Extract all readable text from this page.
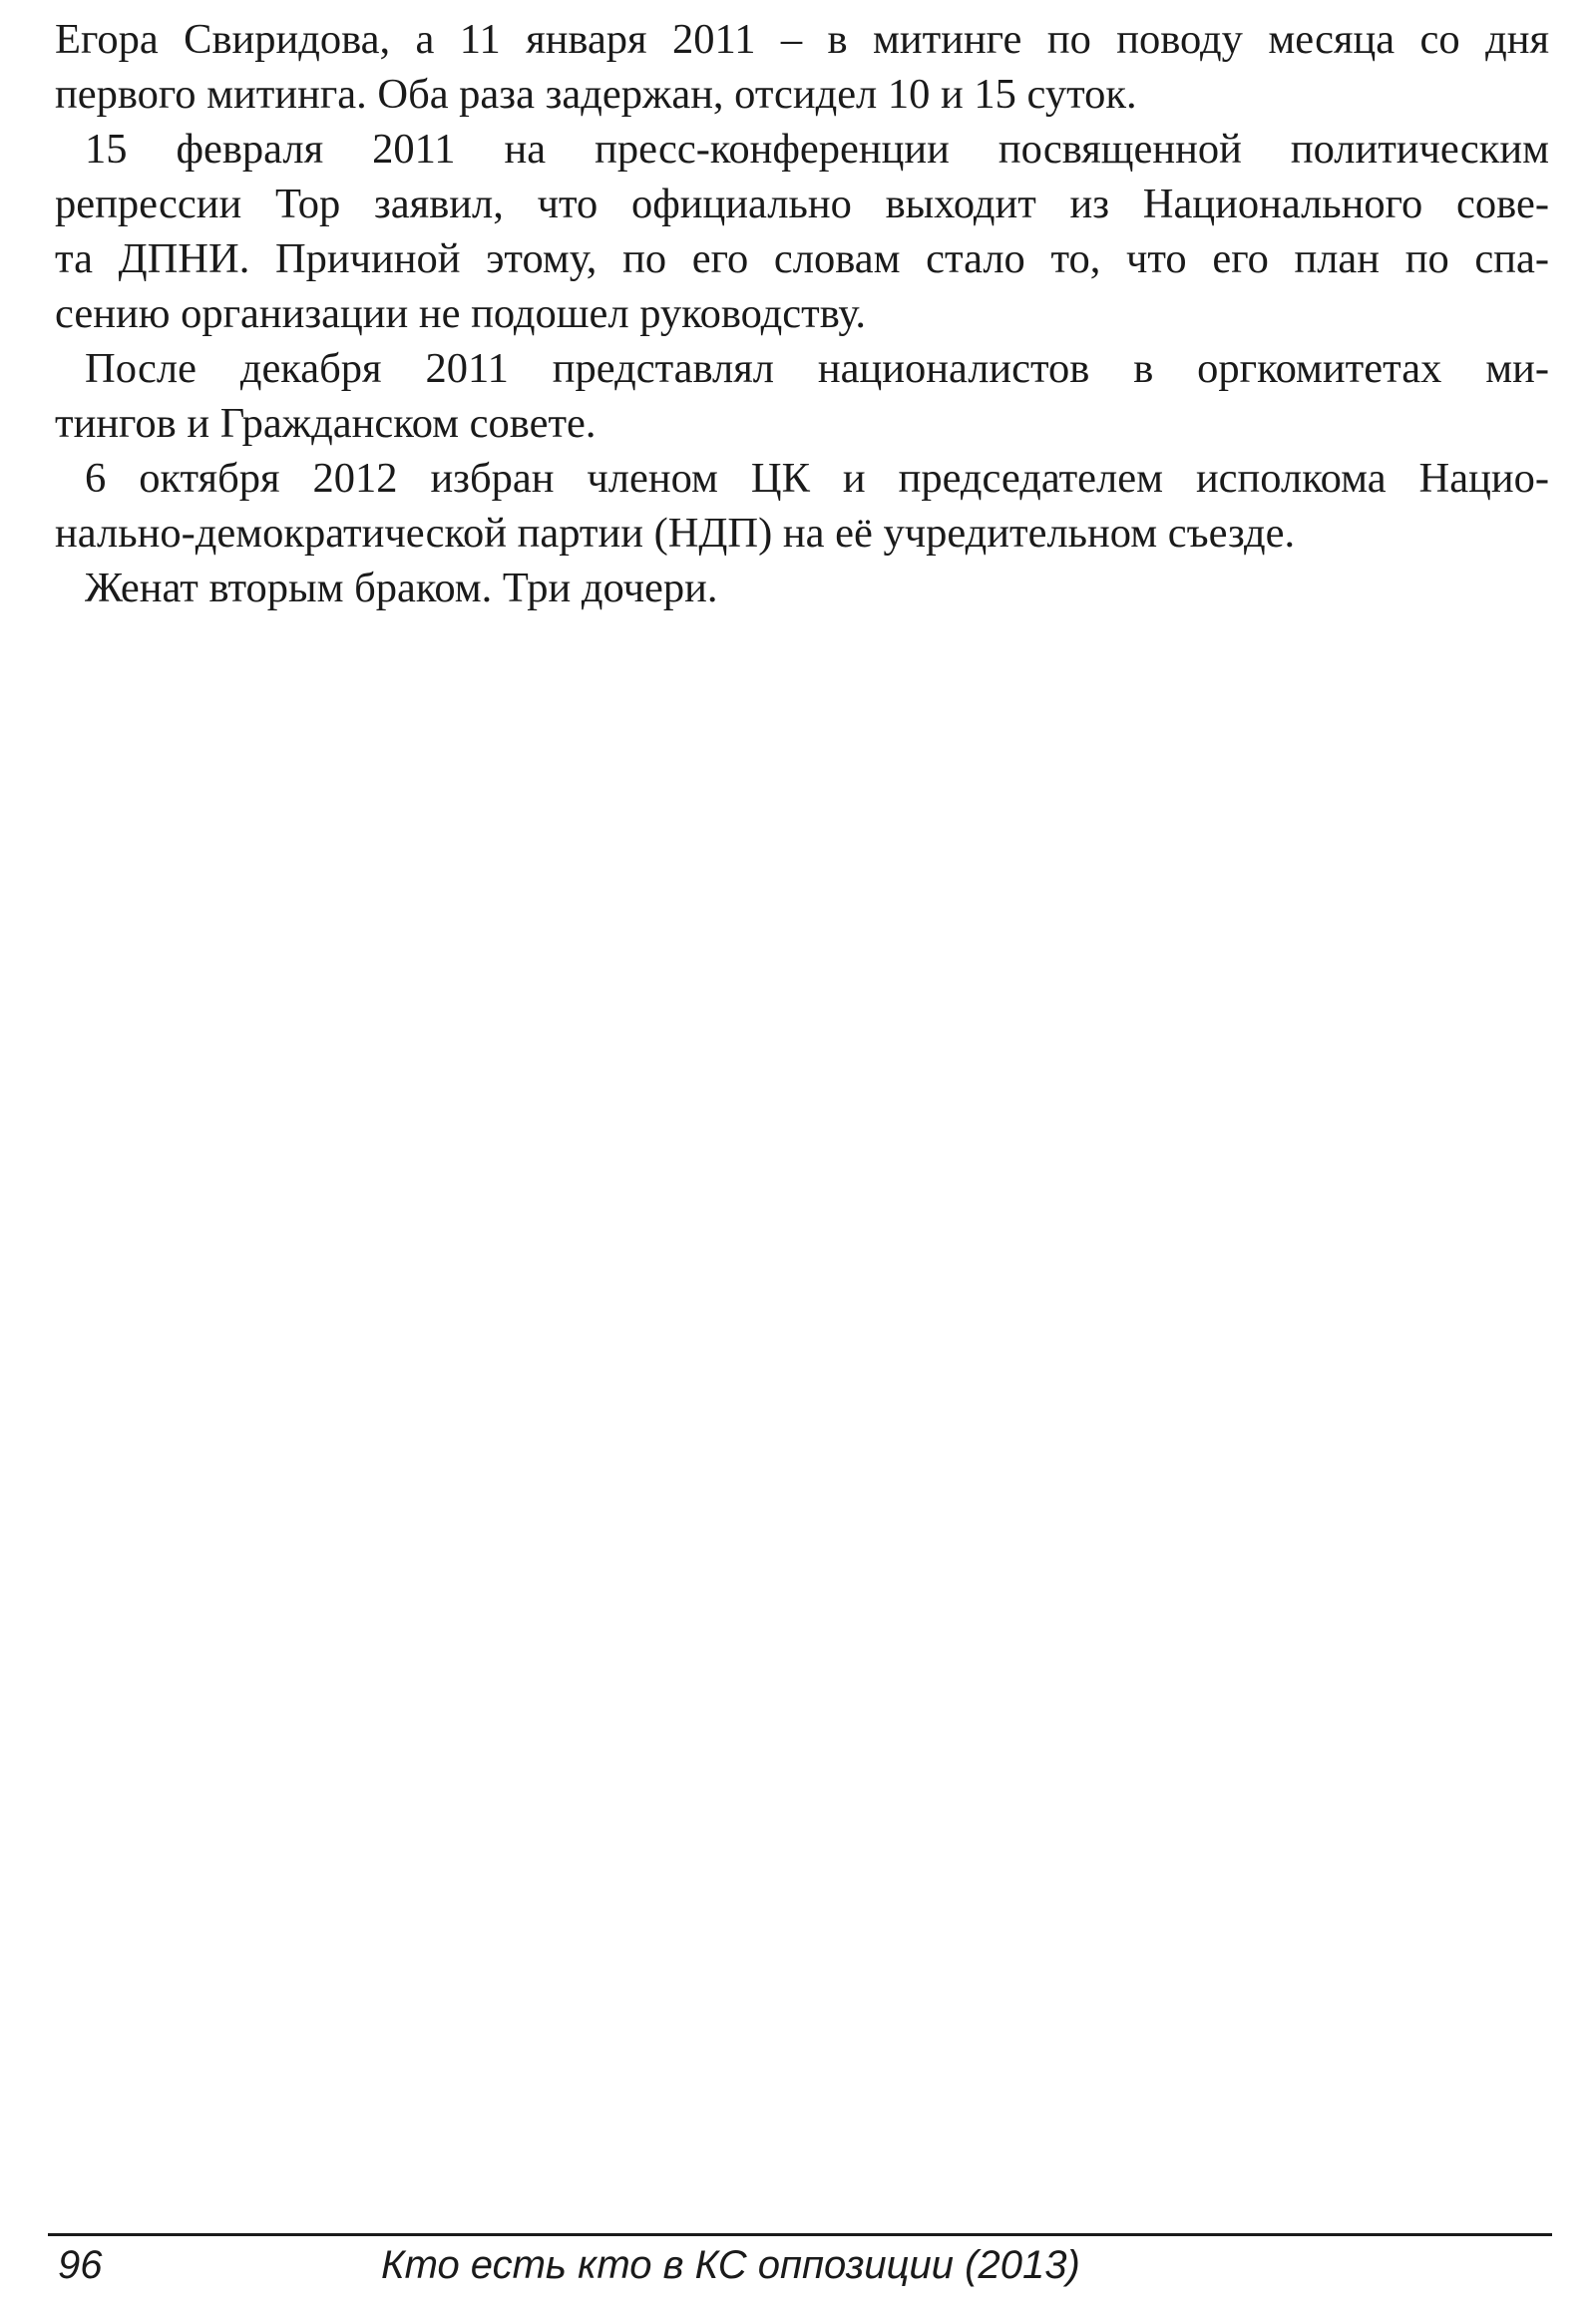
Егора Свиридова, а 11 января 2011 – в митинге по поводу месяца со дня
первого митинга. Оба раза задержан, отсидел 10 и 15 суток.

15 февраля 2011 на пресс-конференции посвященной политическим
репрессии Тор заявил, что официально выходит из Национального сове-
та ДПНИ. Причиной этому, по его словам стало то, что его план по спа-
сению организации не подошел руководству.

После декабря 2011 представлял националистов в оргкомитетах ми-
тингов и Гражданском совете.

6 октября 2012 избран членом ЦК и председателем исполкома Нацио-
нально-демократической партии (НДП) на её учредительном съезде.

Женат вторым браком. Три дочери.

96	Кто есть кто в КС оппозиции (2013)
